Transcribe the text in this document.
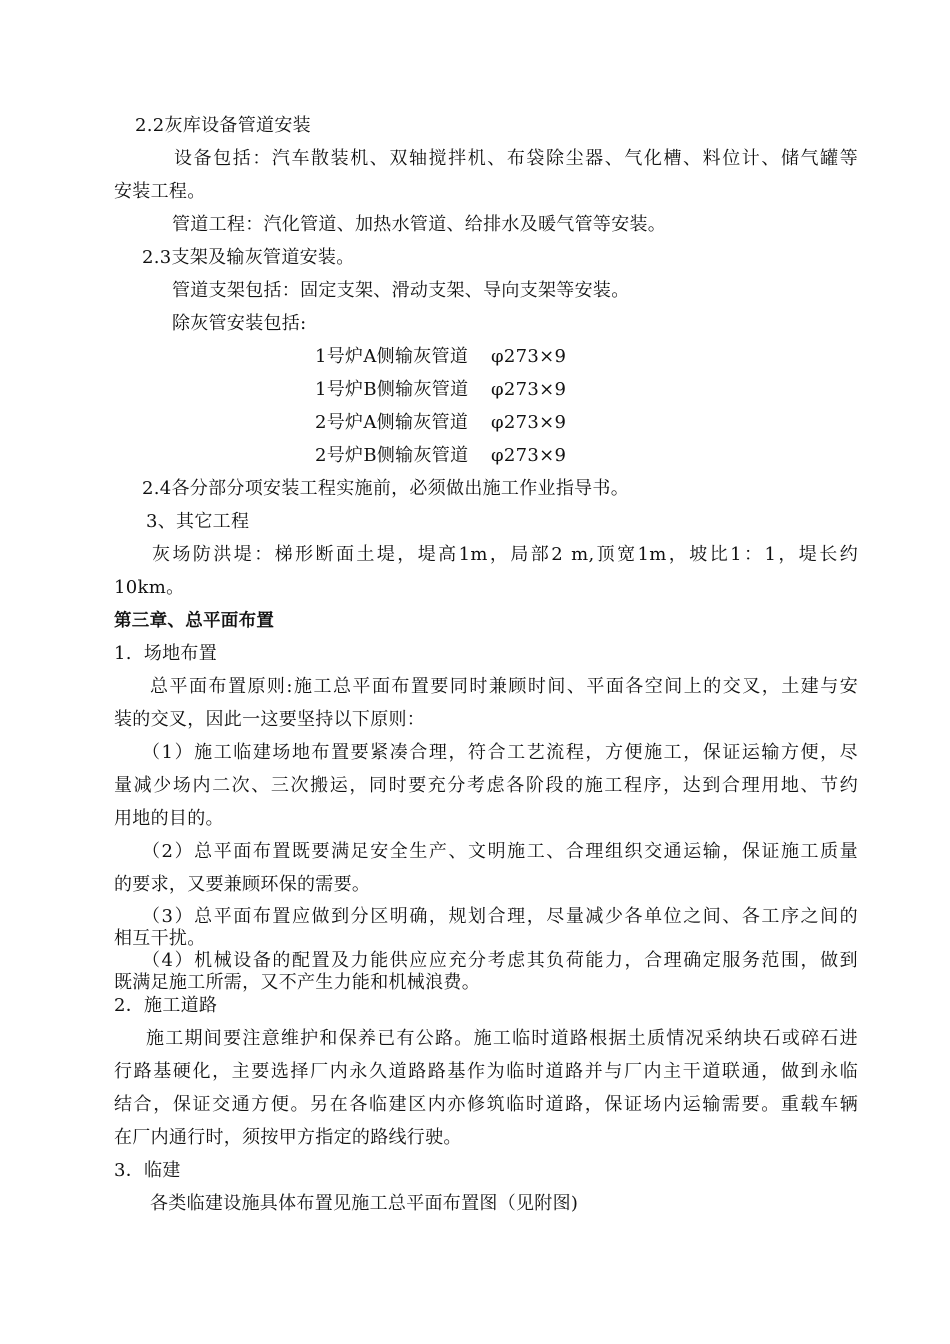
2.2灰库设备管道安装
设备包括：汽车散装机、双轴搅拌机、布袋除尘器、气化槽、料位计、储气罐等
安装工程。
管道工程：汽化管道、加热水管道、给排水及暖气管等安装。
2.3支架及输灰管道安装。
管道支架包括：固定支架、滑动支架、导向支架等安装。
除灰管安装包括:
1号炉A侧输灰管道 φ273×9
1号炉B侧输灰管道 φ273×9
2号炉A侧输灰管道 φ273×9
2号炉B侧输灰管道 φ273×9
2.4各分部分项安装工程实施前，必须做出施工作业指导书。
3、其它工程
灰场防洪堤：梯形断面土堤，堤高1m，局部2 m,顶宽1m，坡比1：1，堤长约
10km。
第三章、总平面布置
1.  场地布置
总平面布置原则:施工总平面布置要同时兼顾时间、平面各空间上的交叉，土建与安
装的交叉，因此一这要坚持以下原则：
（1）施工临建场地布置要紧凑合理，符合工艺流程，方便施工，保证运输方便，尽
量减少场内二次、三次搬运，同时要充分考虑各阶段的施工程序，达到合理用地、节约
用地的目的。
（2）总平面布置既要满足安全生产、文明施工、合理组织交通运输，保证施工质量
的要求，又要兼顾环保的需要。
（3）总平面布置应做到分区明确，规划合理，尽量减少各单位之间、各工序之间的
相互干扰。
（4）机械设备的配置及力能供应应充分考虑其负荷能力，合理确定服务范围，做到
既满足施工所需，又不产生力能和机械浪费。
2．施工道路
施工期间要注意维护和保养已有公路。施工临时道路根据土质情况采纳块石或碎石进
行路基硬化，主要选择厂内永久道路路基作为临时道路并与厂内主干道联通，做到永临
结合，保证交通方便。另在各临建区内亦修筑临时道路，保证场内运输需要。重载车辆
在厂内通行时，须按甲方指定的路线行驶。
3．临建
各类临建设施具体布置见施工总平面布置图（见附图)
